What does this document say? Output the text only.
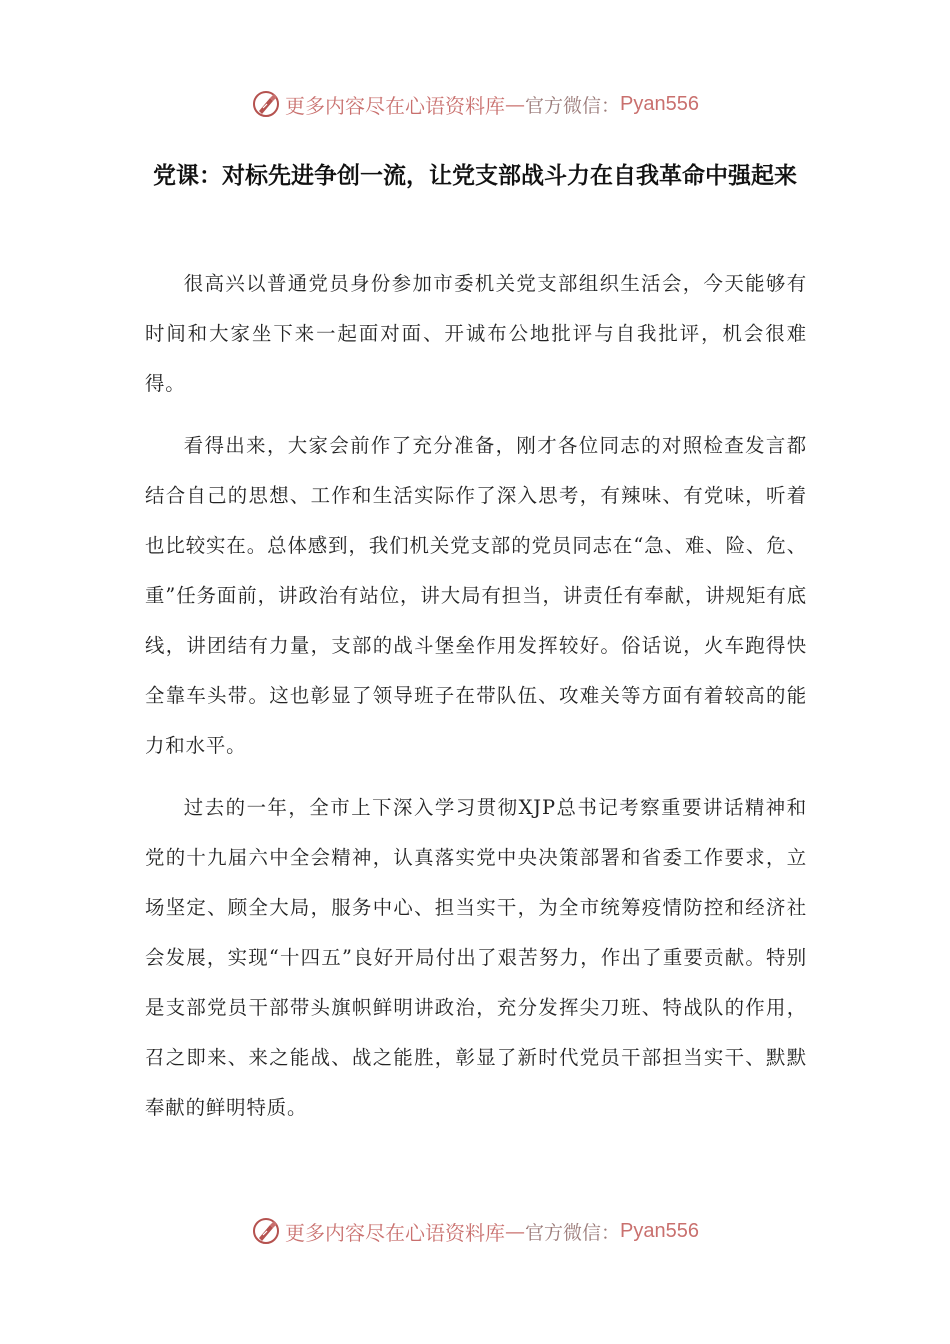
更多内容尽在心语资料库 — 官方微信： Pyan556
党课：对标先进争创一流，让党支部战斗力在自我革命中强起来

很高兴以普通党员身份参加市委机关党支部组织生活会，今天能够有时间和大家坐下来一起面对面、开诚布公地批评与自我批评，机会很难得。

看得出来，大家会前作了充分准备，刚才各位同志的对照检查发言都结合自己的思想、工作和生活实际作了深入思考，有辣味、有党味，听着也比较实在。总体感到，我们机关党支部的党员同志在“急、难、险、危、重”任务面前，讲政治有站位，讲大局有担当，讲责任有奉献，讲规矩有底线，讲团结有力量，支部的战斗堡垒作用发挥较好。俗话说，火车跑得快全靠车头带。这也彰显了领导班子在带队伍、攻难关等方面有着较高的能力和水平。

过去的一年，全市上下深入学习贯彻XJP总书记考察重要讲话精神和党的十九届六中全会精神，认真落实党中央决策部署和省委工作要求，立场坚定、顾全大局，服务中心、担当实干，为全市统筹疫情防控和经济社会发展，实现“十四五”良好开局付出了艰苦努力，作出了重要贡献。特别是支部党员干部带头旗帜鲜明讲政治，充分发挥尖刀班、特战队的作用，召之即来、来之能战、战之能胜，彰显了新时代党员干部担当实干、默默奉献的鲜明特质。

更多内容尽在心语资料库 — 官方微信： Pyan556
